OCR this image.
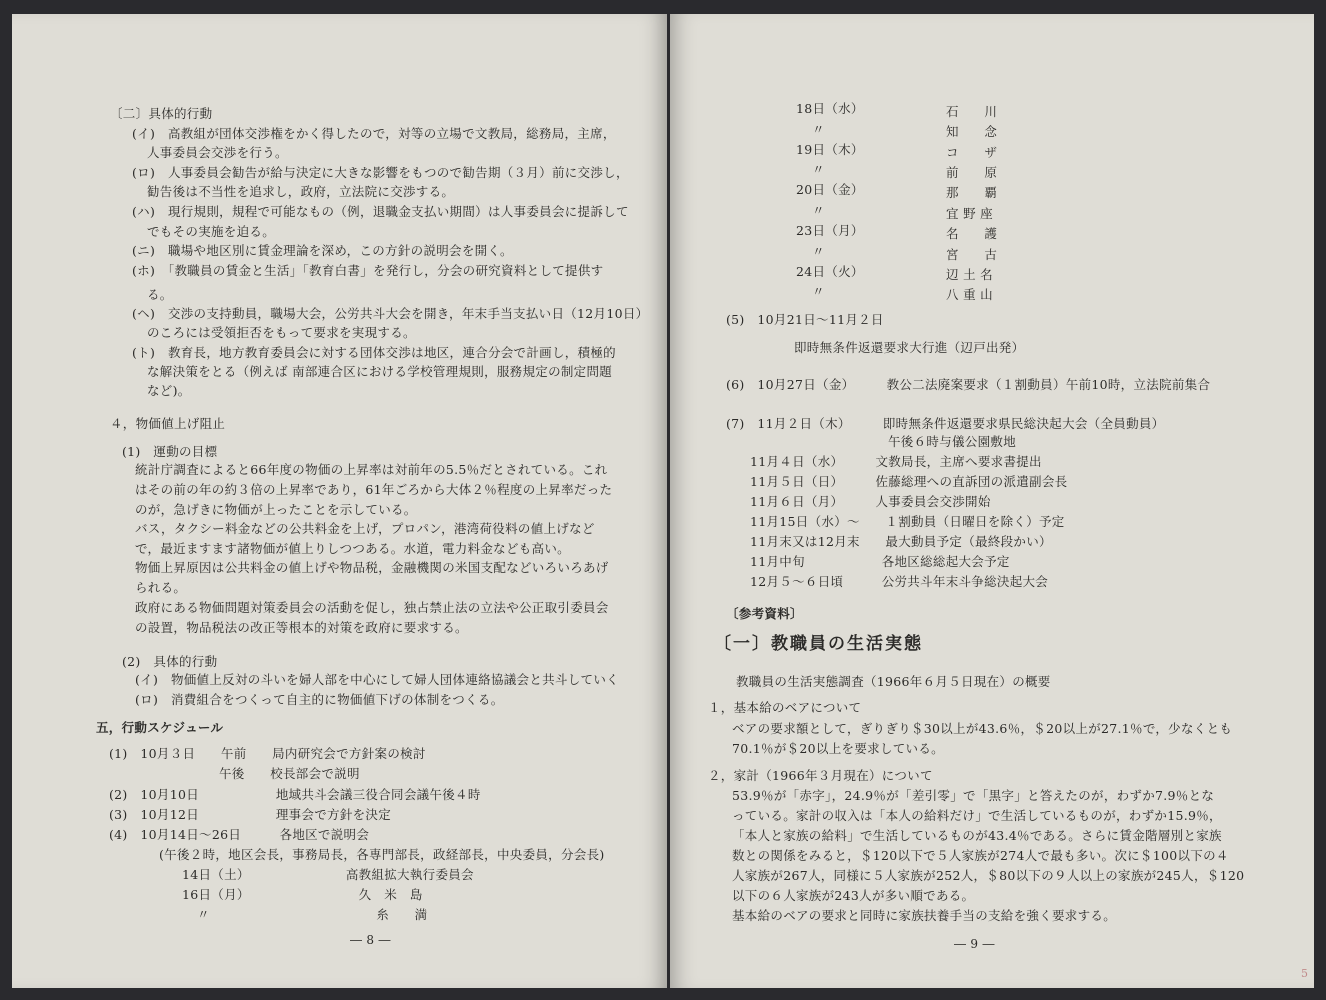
〔二〕具体的行動
(イ)　高教組が団体交渉権をかく得したので，対等の立場で文教局，総務局，主席，
人事委員会交渉を行う。
(ロ)　人事委員会勧告が給与決定に大きな影響をもつので勧告期（３月）前に交渉し，
勧告後は不当性を追求し，政府，立法院に交渉する。
(ハ)　現行規則，規程で可能なもの（例，退職金支払い期間）は人事委員会に提訴して
でもその実施を迫る。
(ニ)　職場や地区別に賃金理論を深め，この方針の説明会を開く。
(ホ)　「教職員の賃金と生活」「教育白書」を発行し，分会の研究資料として提供す
る。
(ヘ)　交渉の支持動員，職場大会，公労共斗大会を開き，年末手当支払い日（12月10日）
のころには受領拒否をもって要求を実現する。
(ト)　教育長，地方教育委員会に対する団体交渉は地区，連合分会で計画し，積極的
な解決策をとる（例えば 南部連合区における学校管理規則，服務規定の制定問題
など)。
４，物価値上げ阻止
(1)　運動の目標
統計庁調査によると66年度の物価の上昇率は対前年の5.5％だとされている。これ
はその前の年の約３倍の上昇率であり，61年ごろから大体２％程度の上昇率だった
のが，急げきに物価が上ったことを示している。
バス，タクシー料金などの公共料金を上げ，プロパン，港湾荷役料の値上げなど
で，最近ますます諸物価が値上りしつつある。水道，電力料金なども高い。
物価上昇原因は公共料金の値上げや物品税，金融機関の米国支配などいろいろあげ
られる。
政府にある物価問題対策委員会の活動を促し，独占禁止法の立法や公正取引委員会
の設置，物品税法の改正等根本的対策を政府に要求する。
(2)　具体的行動
(イ)　物価値上反対の斗いを婦人部を中心にして婦人団体連絡協議会と共斗していく
(ロ)　消費組合をつくって自主的に物価値下げの体制をつくる。
五，行動スケジュール
(1)　10月３日　　午前　　局内研究会で方針案の検討
午後　　校長部会で説明
(2)　10月10日　　　　　　地域共斗会議三役合同会議午後４時
(3)　10月12日　　　　　　理事会で方針を決定
(4)　10月14日～26日　　　各地区で説明会
(午後２時，地区会長，事務局長，各専門部長，政経部長，中央委員，分会長)
14日（土）　　　　　　　　高教組拡大執行委員会
16日（月）　　　　　　　　　久　米　島
〃　　　　　　　　　　　　　糸　　満
― 8 ―
5
18日（水）	石　　川
〃	知　　念
19日（木）	コ　　ザ
〃	前　　原
20日（金）	那　　覇
〃	宜 野 座
23日（月）	名　　護
〃	宮　　古
24日（火）	辺 土 名
〃	八 重 山
(5)　10月21日～11月２日
即時無条件返還要求大行進（辺戸出発）
(6)　10月27日（金）　　　教公二法廃案要求（１割動員）午前10時，立法院前集合
(7)　11月２日（木）　　　即時無条件返還要求県民総決起大会（全員動員）
午後６時与儀公園敷地
11月４日（水）　　　文教局長，主席へ要求書提出
11月５日（日）　　　佐藤総理への直訴団の派遣副会長
11月６日（月）　　　人事委員会交渉開始
11月15日（水）～　　１割動員（日曜日を除く）予定
11月末又は12月末　　最大動員予定（最終段かい）
11月中旬　　　　　　各地区総総起大会予定
12月５～６日頃　　　公労共斗年末斗争総決起大会
〔参考資料〕
〔一〕教職員の生活実態
教職員の生活実態調査（1966年６月５日現在）の概要
１，基本給のベアについて
ベアの要求額として，ぎりぎり＄30以上が43.6％，＄20以上が27.1％で，少なくとも
70.1％が＄20以上を要求している。
２，家計（1966年３月現在）について
53.9％が「赤字」，24.9％が「差引零」で「黒字」と答えたのが，わずか7.9％とな
っている。家計の収入は「本人の給料だけ」で生活しているものが，わずか15.9％，
「本人と家族の給料」で生活しているものが43.4％である。さらに賃金階層別と家族
数との関係をみると，＄120以下で５人家族が274人で最も多い。次に＄100以下の４
人家族が267人，同様に５人家族が252人，＄80以下の９人以上の家族が245人，＄120
以下の６人家族が243人が多い順である。
基本給のベアの要求と同時に家族扶養手当の支給を強く要求する。
― 9 ―
